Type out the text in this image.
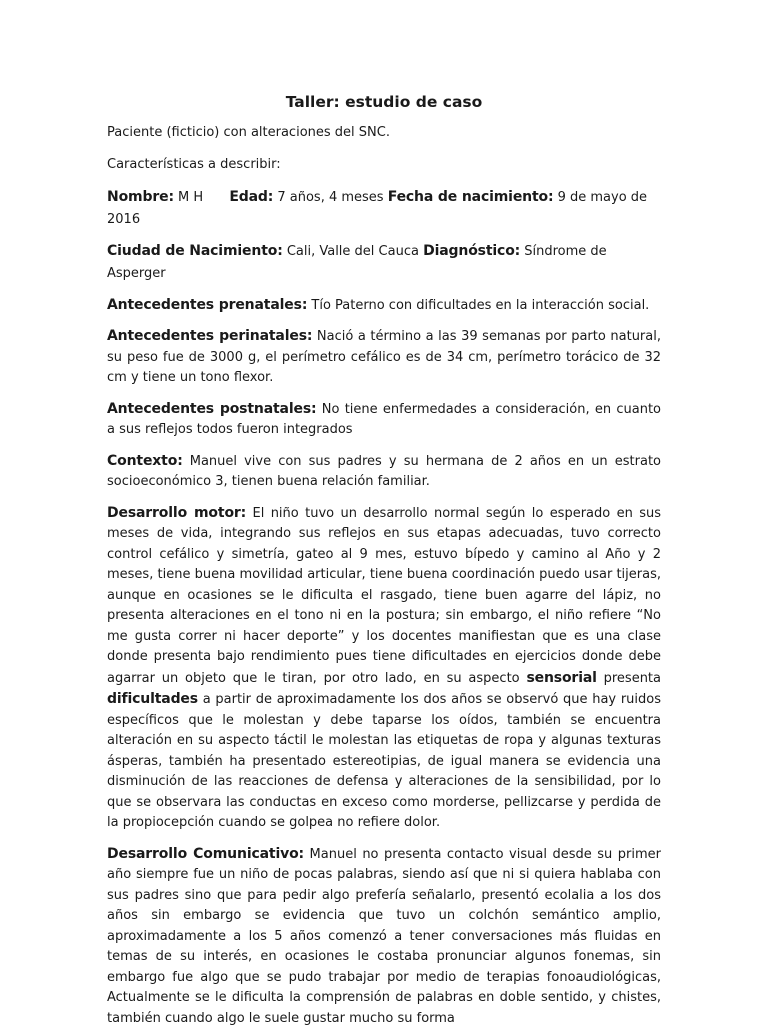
Taller: estudio de caso

Paciente (ficticio) con alteraciones del SNC.

Características a describir:

Nombre: M H Edad: 7 años, 4 meses Fecha de nacimiento: 9 de mayo de 2016

Ciudad de Nacimiento: Cali, Valle del Cauca Diagnóstico: Síndrome de Asperger

Antecedentes prenatales: Tío Paterno con dificultades en la interacción social.

Antecedentes perinatales: Nació a término a las 39 semanas por parto natural, su peso fue de 3000 g, el perímetro cefálico es de 34 cm, perímetro torácico de 32 cm y tiene un tono flexor.

Antecedentes postnatales: No tiene enfermedades a consideración, en cuanto a sus reflejos todos fueron integrados

Contexto: Manuel vive con sus padres y su hermana de 2 años en un estrato socioeconómico 3, tienen buena relación familiar.

Desarrollo motor: El niño tuvo un desarrollo normal según lo esperado en sus meses de vida, integrando sus reflejos en sus etapas adecuadas, tuvo correcto control cefálico y simetría, gateo al 9 mes, estuvo bípedo y camino al Año y 2 meses, tiene buena movilidad articular, tiene buena coordinación puedo usar tijeras, aunque en ocasiones se le dificulta el rasgado, tiene buen agarre del lápiz, no presenta alteraciones en el tono ni en la postura; sin embargo, el niño refiere “No me gusta correr ni hacer deporte” y los docentes manifiestan que es una clase donde presenta bajo rendimiento pues tiene dificultades en ejercicios donde debe agarrar un objeto que le tiran, por otro lado, en su aspecto sensorial presenta dificultades a partir de aproximadamente los dos años se observó que hay ruidos específicos que le molestan y debe taparse los oídos, también se encuentra alteración en su aspecto táctil le molestan las etiquetas de ropa y algunas texturas ásperas, también ha presentado estereotipias, de igual manera se evidencia una disminución de las reacciones de defensa y alteraciones de la sensibilidad, por lo que se observara las conductas en exceso como morderse, pellizcarse y perdida de la propiocepción cuando se golpea no refiere dolor.

Desarrollo Comunicativo: Manuel no presenta contacto visual desde su primer año siempre fue un niño de pocas palabras, siendo así que ni si quiera hablaba con sus padres sino que para pedir algo prefería señalarlo, presentó ecolalia a los dos años sin embargo se evidencia que tuvo un colchón semántico amplio, aproximadamente a los 5 años comenzó a tener conversaciones más fluidas en temas de su interés, en ocasiones le costaba pronunciar algunos fonemas, sin embargo fue algo que se pudo trabajar por medio de terapias fonoaudiológicas, Actualmente se le dificulta la comprensión de palabras en doble sentido, y chistes, también cuando algo le suele gustar mucho su forma
